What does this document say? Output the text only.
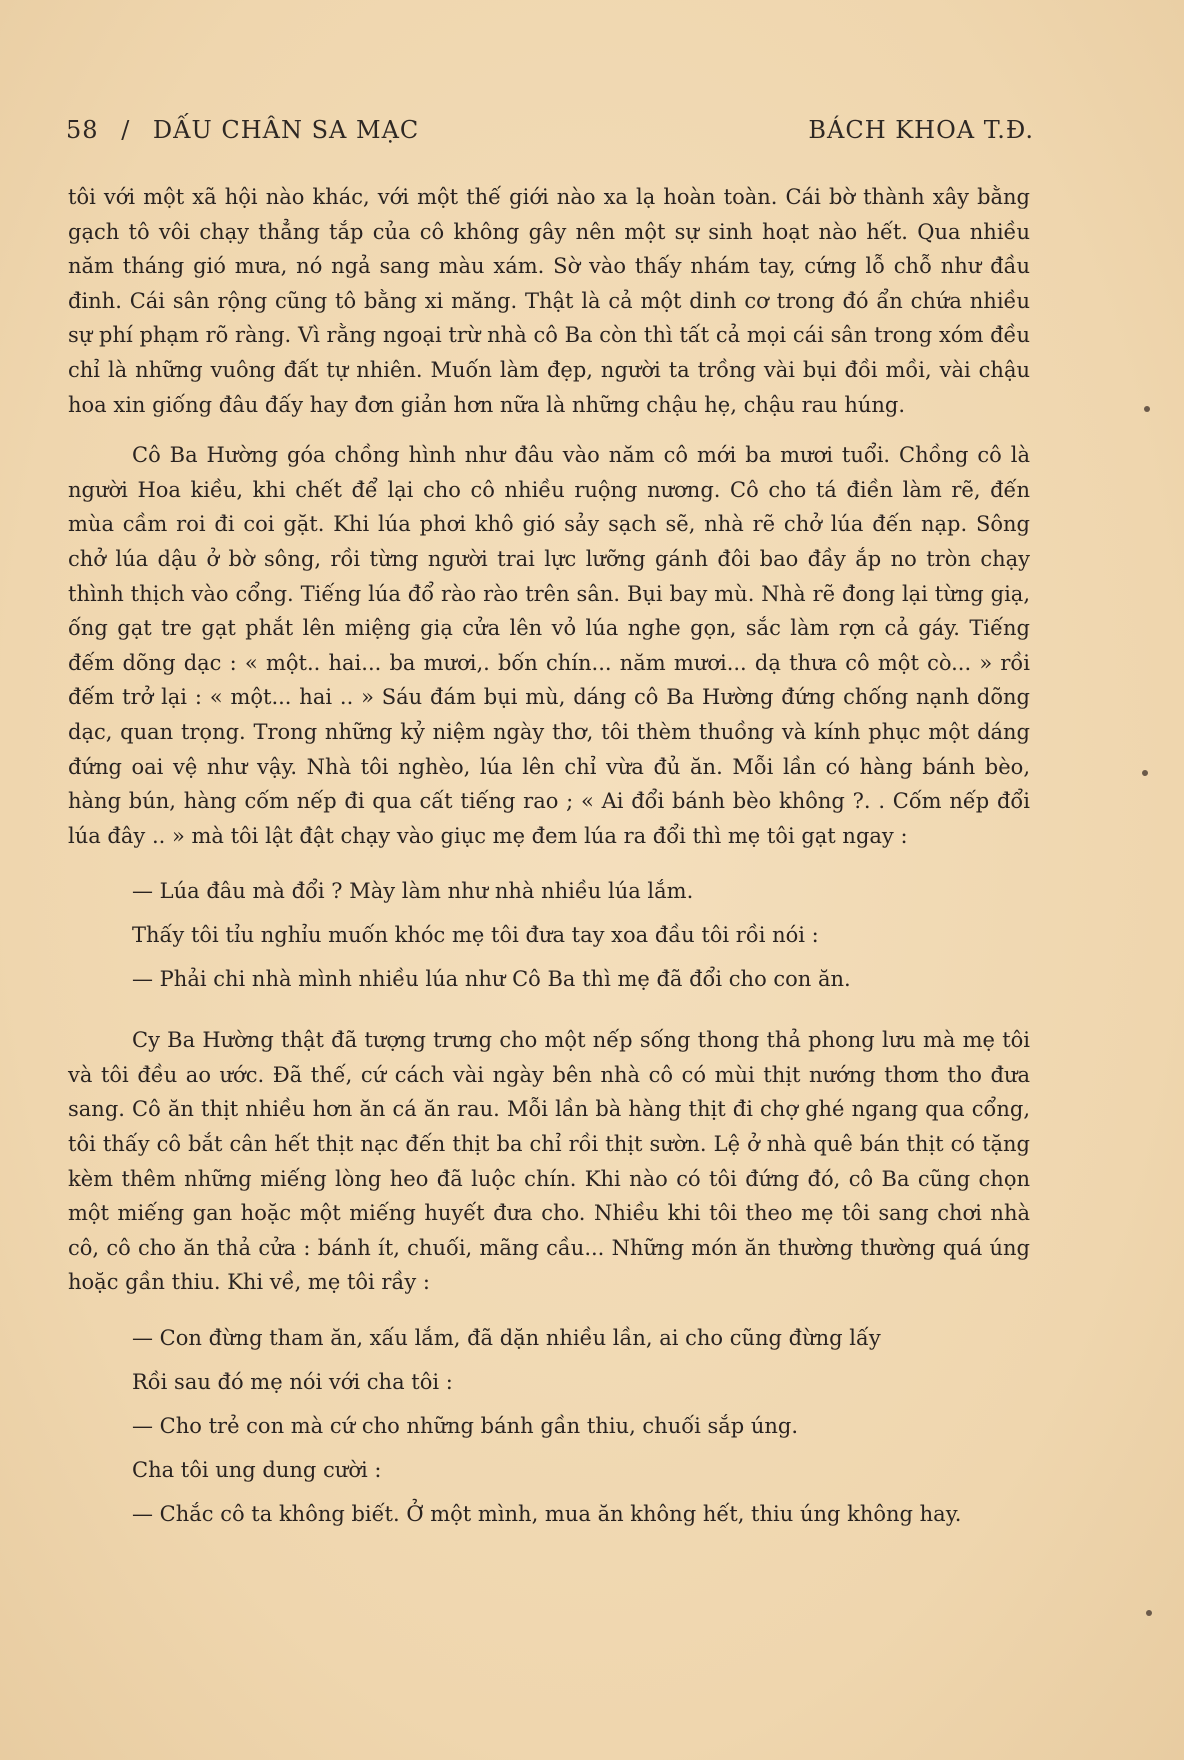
58 / DẤU CHÂN SA MẠC	BÁCH KHOA T.Đ.

tôi với một xã hội nào khác, với một thế giới nào xa lạ hoàn toàn. Cái bờ thành xây bằng gạch tô vôi chạy thẳng tắp của cô không gây nên một sự sinh hoạt nào hết. Qua nhiều năm tháng gió mưa, nó ngả sang màu xám. Sờ vào thấy nhám tay, cứng lỗ chỗ như đầu đinh. Cái sân rộng cũng tô bằng xi măng. Thật là cả một dinh cơ trong đó ẩn chứa nhiều sự phí phạm rõ ràng. Vì rằng ngoại trừ nhà cô Ba còn thì tất cả mọi cái sân trong xóm đều chỉ là những vuông đất tự nhiên. Muốn làm đẹp, người ta trồng vài bụi đồi mồi, vài chậu hoa xin giống đâu đấy hay đơn giản hơn nữa là những chậu hẹ, chậu rau húng.

Cô Ba Hường góa chồng hình như đâu vào năm cô mới ba mươi tuổi. Chồng cô là người Hoa kiều, khi chết để lại cho cô nhiều ruộng nương. Cô cho tá điền làm rẽ, đến mùa cầm roi đi coi gặt. Khi lúa phơi khô gió sảy sạch sẽ, nhà rẽ chở lúa đến nạp. Sông chở lúa dậu ở bờ sông, rồi từng người trai lực lưỡng gánh đôi bao đầy ắp no tròn chạy thình thịch vào cổng. Tiếng lúa đổ rào rào trên sân. Bụi bay mù. Nhà rẽ đong lại từng giạ, ống gạt tre gạt phắt lên miệng giạ cửa lên vỏ lúa nghe gọn, sắc làm rợn cả gáy. Tiếng đếm dõng dạc : « một.. hai... ba mươi,. bốn chín... năm mươi... dạ thưa cô một cò... » rồi đếm trở lại : « một... hai .. » Sáu đám bụi mù, dáng cô Ba Hường đứng chống nạnh dõng dạc, quan trọng. Trong những kỷ niệm ngày thơ, tôi thèm thuồng và kính phục một dáng đứng oai vệ như vậy. Nhà tôi nghèo, lúa lên chỉ vừa đủ ăn. Mỗi lần có hàng bánh bèo, hàng bún, hàng cốm nếp đi qua cất tiếng rao ; « Ai đổi bánh bèo không ?. . Cốm nếp đổi lúa đây .. » mà tôi lật đật chạy vào giục mẹ đem lúa ra đổi thì mẹ tôi gạt ngay :

— Lúa đâu mà đổi ? Mày làm như nhà nhiều lúa lắm.

Thấy tôi tỉu nghỉu muốn khóc mẹ tôi đưa tay xoa đầu tôi rồi nói :

— Phải chi nhà mình nhiều lúa như Cô Ba thì mẹ đã đổi cho con ăn.

Cy Ba Hường thật đã tượng trưng cho một nếp sống thong thả phong lưu mà mẹ tôi và tôi đều ao ước. Đã thế, cứ cách vài ngày bên nhà cô có mùi thịt nướng thơm tho đưa sang. Cô ăn thịt nhiều hơn ăn cá ăn rau. Mỗi lần bà hàng thịt đi chợ ghé ngang qua cổng, tôi thấy cô bắt cân hết thịt nạc đến thịt ba chỉ rồi thịt sườn. Lệ ở nhà quê bán thịt có tặng kèm thêm những miếng lòng heo đã luộc chín. Khi nào có tôi đứng đó, cô Ba cũng chọn một miếng gan hoặc một miếng huyết đưa cho. Nhiều khi tôi theo mẹ tôi sang chơi nhà cô, cô cho ăn thả cửa : bánh ít, chuối, mãng cầu... Những món ăn thường thường quá úng hoặc gần thiu. Khi về, mẹ tôi rầy :

— Con đừng tham ăn, xấu lắm, đã dặn nhiều lần, ai cho cũng đừng lấy

Rồi sau đó mẹ nói với cha tôi :

— Cho trẻ con mà cứ cho những bánh gần thiu, chuối sắp úng.

Cha tôi ung dung cười :

— Chắc cô ta không biết. Ở một mình, mua ăn không hết, thiu úng không hay.
